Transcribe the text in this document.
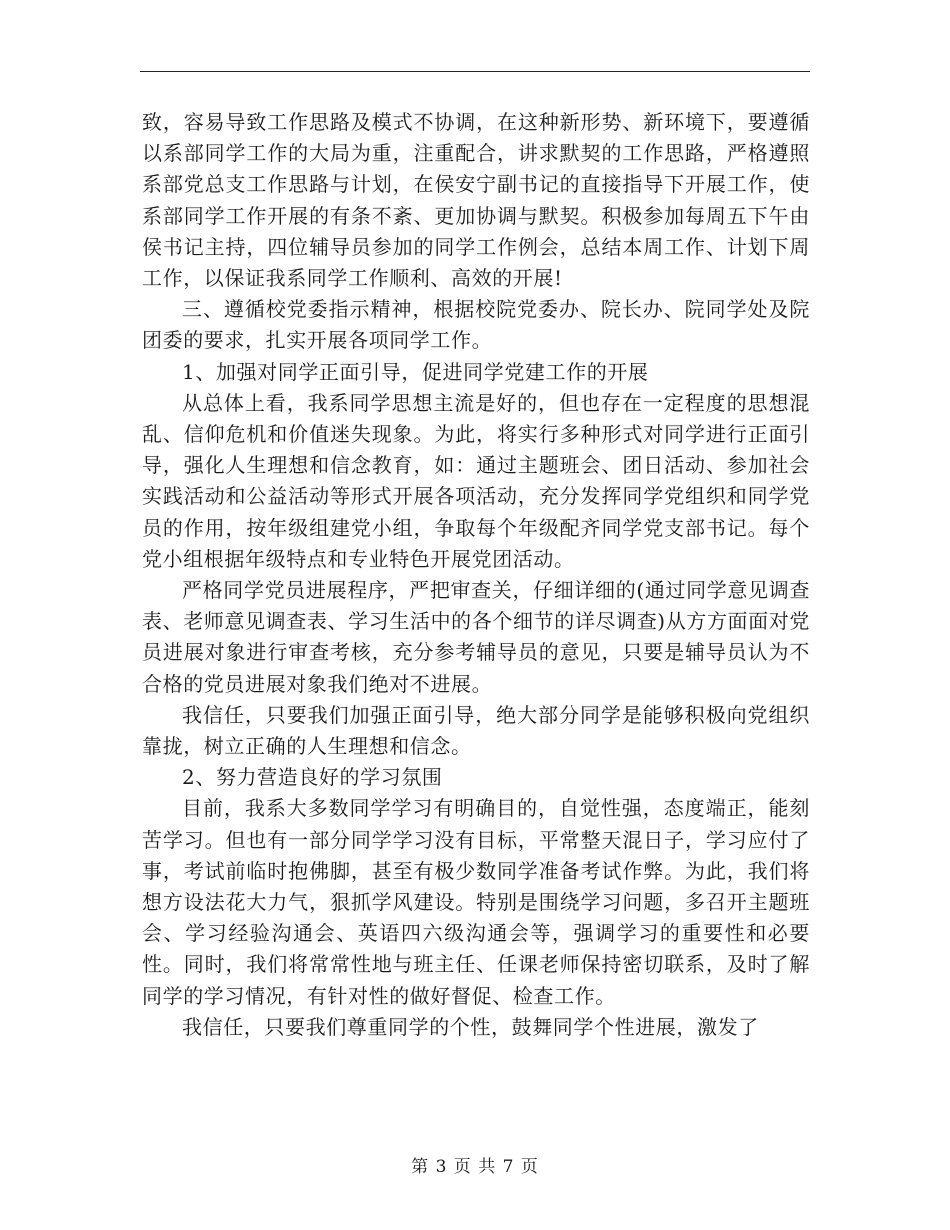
致，容易导致工作思路及模式不协调，在这种新形势、新环境下，要遵循以系部同学工作的大局为重，注重配合，讲求默契的工作思路，严格遵照系部党总支工作思路与计划，在侯安宁副书记的直接指导下开展工作，使系部同学工作开展的有条不紊、更加协调与默契。积极参加每周五下午由侯书记主持，四位辅导员参加的同学工作例会，总结本周工作、计划下周工作，以保证我系同学工作顺利、高效的开展!

三、遵循校党委指示精神，根据校院党委办、院长办、院同学处及院团委的要求，扎实开展各项同学工作。

1、加强对同学正面引导，促进同学党建工作的开展

从总体上看，我系同学思想主流是好的，但也存在一定程度的思想混乱、信仰危机和价值迷失现象。为此，将实行多种形式对同学进行正面引导，强化人生理想和信念教育，如：通过主题班会、团日活动、参加社会实践活动和公益活动等形式开展各项活动，充分发挥同学党组织和同学党员的作用，按年级组建党小组，争取每个年级配齐同学党支部书记。每个党小组根据年级特点和专业特色开展党团活动。

严格同学党员进展程序，严把审查关，仔细详细的(通过同学意见调查表、老师意见调查表、学习生活中的各个细节的详尽调查)从方方面面对党员进展对象进行审查考核，充分参考辅导员的意见，只要是辅导员认为不合格的党员进展对象我们绝对不进展。

我信任，只要我们加强正面引导，绝大部分同学是能够积极向党组织靠拢，树立正确的人生理想和信念。

2、努力营造良好的学习氛围

目前，我系大多数同学学习有明确目的，自觉性强，态度端正，能刻苦学习。但也有一部分同学学习没有目标，平常整天混日子，学习应付了事，考试前临时抱佛脚，甚至有极少数同学准备考试作弊。为此，我们将想方设法花大力气，狠抓学风建设。特别是围绕学习问题，多召开主题班会、学习经验沟通会、英语四六级沟通会等，强调学习的重要性和必要性。同时，我们将常常性地与班主任、任课老师保持密切联系，及时了解同学的学习情况，有针对性的做好督促、检查工作。

我信任，只要我们尊重同学的个性，鼓舞同学个性进展，激发了

第 3 页 共 7 页
